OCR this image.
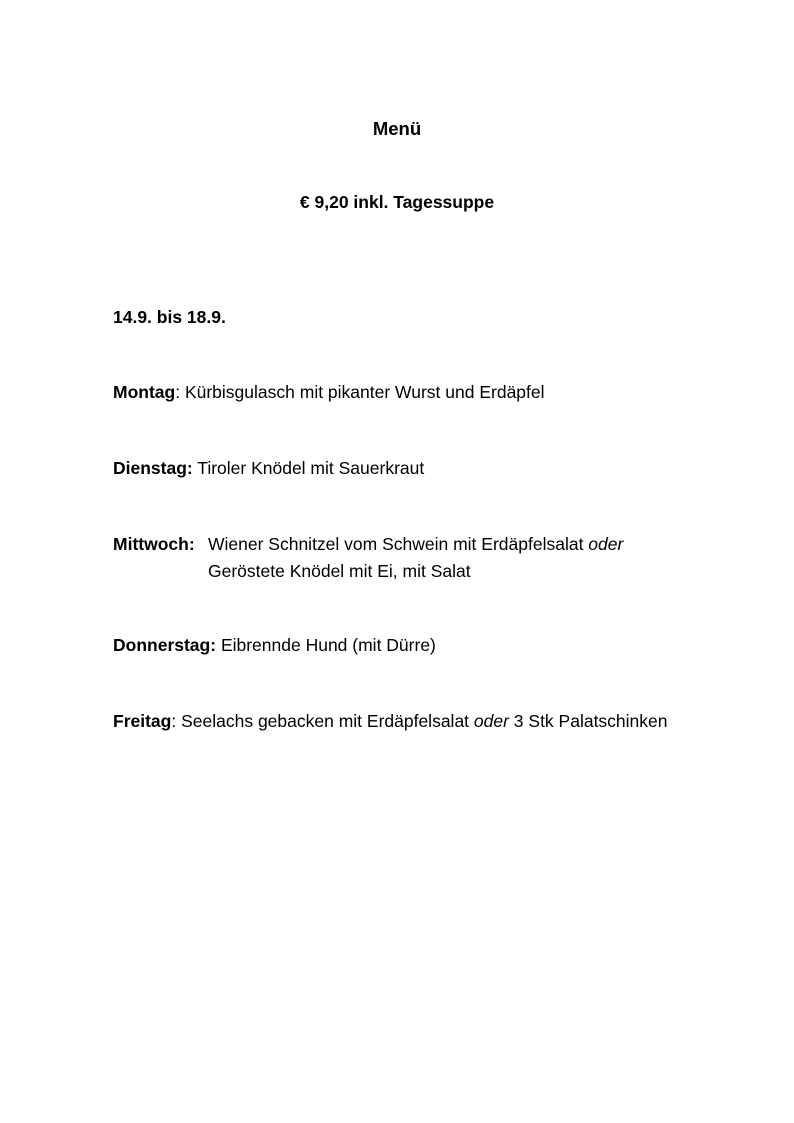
Menü
€ 9,20 inkl. Tagessuppe
14.9. bis 18.9.
Montag: Kürbisgulasch mit pikanter Wurst und Erdäpfel
Dienstag: Tiroler Knödel mit Sauerkraut
Mittwoch: Wiener Schnitzel vom Schwein mit Erdäpfelsalat oder
Geröstete Knödel mit Ei, mit Salat
Donnerstag: Eibrennde Hund (mit Dürre)
Freitag: Seelachs gebacken mit Erdäpfelsalat oder 3 Stk Palatschinken
